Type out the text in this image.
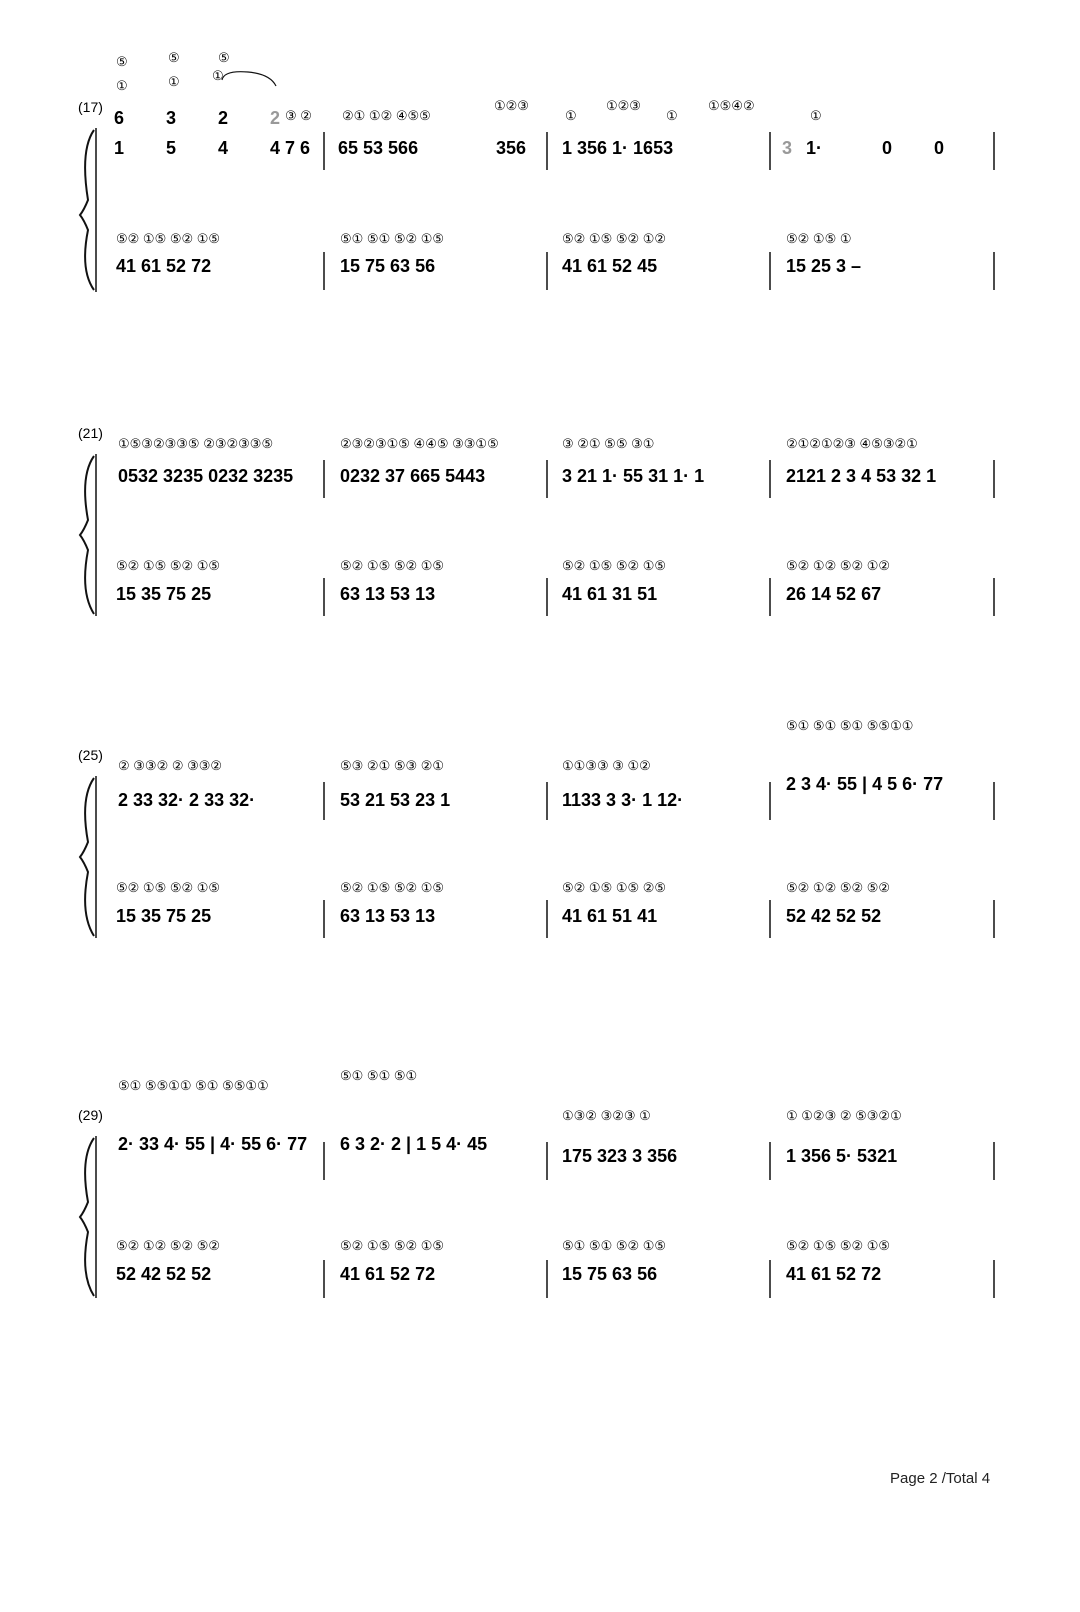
(17)
⑤
①
⑤
①
⑤
①
6 3 2 2
1 5 4 4 7 6
③ ② ②① ①② ④⑤⑤
①②③
65 53 566	356
①
①②③
①
①⑤④②
1 356 1· 1653
①
3 1·	0 0
⑤② ①⑤ ⑤② ①⑤
41 61 52 72
⑤① ⑤① ⑤② ①⑤
15 75 63 56
⑤② ①⑤ ⑤② ①②
41 61 52 45
⑤② ①⑤ ①
15 25 3 –
(21)
①⑤③②③③⑤ ②③②③③⑤
0532 3235 0232 3235
②③②③①⑤ ④④⑤ ③③①⑤
0232 37 665 5443
③ ②① ⑤⑤ ③①
3 21 1· 55 31 1· 1
②①②①②③ ④⑤③②①
2121 2 3 4 53 32 1
⑤② ①⑤ ⑤② ①⑤
15 35 75 25
⑤② ①⑤ ⑤② ①⑤
63 13 53 13
⑤② ①⑤ ⑤② ①⑤
41 61 31 51
⑤② ①② ⑤② ①②
26 14 52 67
(25)
② ③③② ② ③③②
2 33 32· 2 33 32·
⑤③ ②① ⑤③ ②①
53 21 53 23 1
①①③③ ③ ①②
1133 3 3· 1 12·
⑤① ⑤① ⑤① ⑤⑤①①
2 3 4· 55 | 4 5 6· 77
⑤② ①⑤ ⑤② ①⑤
15 35 75 25
⑤② ①⑤ ⑤② ①⑤
63 13 53 13
⑤② ①⑤ ①⑤ ②⑤
41 61 51 41
⑤② ①② ⑤② ⑤②
52 42 52 52
(29)
⑤① ⑤⑤①① ⑤① ⑤⑤①①
2· 33 4· 55 | 4· 55 6· 77
⑤① ⑤① ⑤①
6 3 2· 2 | 1 5 4· 45
①③② ③②③ ①
175 323 3 356
① ①②③ ② ⑤③②①
1 356 5· 5321
⑤② ①② ⑤② ⑤②
52 42 52 52
⑤② ①⑤ ⑤② ①⑤
41 61 52 72
⑤① ⑤① ⑤② ①⑤
15 75 63 56
⑤② ①⑤ ⑤② ①⑤
41 61 52 72
Page 2 /Total 4
